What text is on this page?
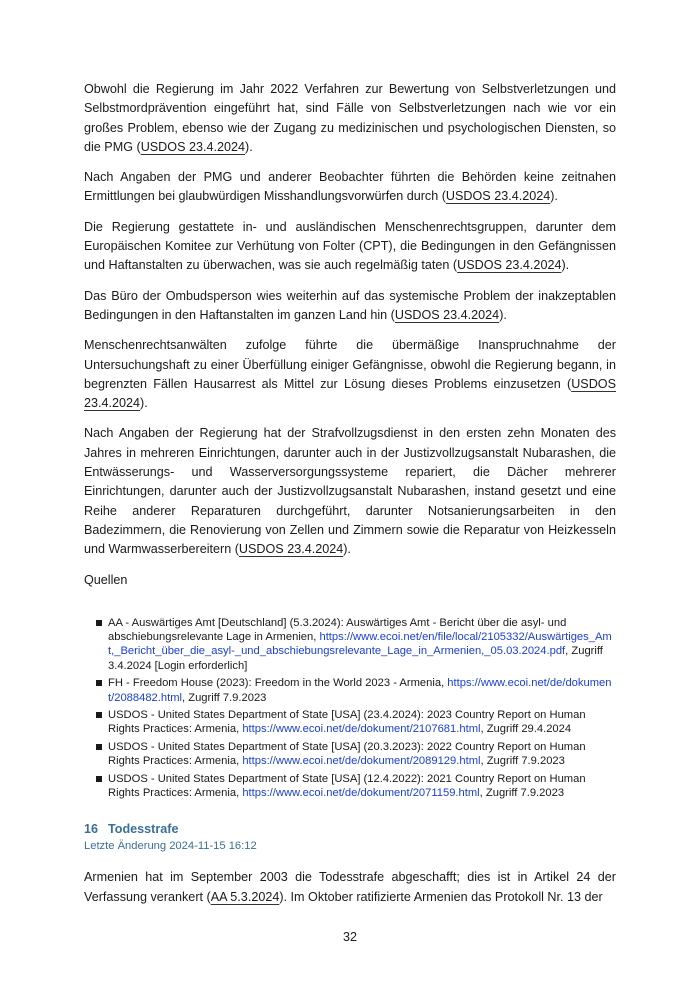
Obwohl die Regierung im Jahr 2022 Verfahren zur Bewertung von Selbstverletzungen und Selbstmordprävention eingeführt hat, sind Fälle von Selbstverletzungen nach wie vor ein großes Problem, ebenso wie der Zugang zu medizinischen und psychologischen Diensten, so die PMG (USDOS 23.4.2024).

Nach Angaben der PMG und anderer Beobachter führten die Behörden keine zeitnahen Ermittlungen bei glaubwürdigen Misshandlungsvorwürfen durch (USDOS 23.4.2024).

Die Regierung gestattete in- und ausländischen Menschenrechtsgruppen, darunter dem Europäischen Komitee zur Verhütung von Folter (CPT), die Bedingungen in den Gefängnissen und Haftanstalten zu überwachen, was sie auch regelmäßig taten (USDOS 23.4.2024).

Das Büro der Ombudsperson wies weiterhin auf das systemische Problem der inakzeptablen Bedingungen in den Haftanstalten im ganzen Land hin (USDOS 23.4.2024).

Menschenrechtsanwälten zufolge führte die übermäßige Inanspruchnahme der Untersuchungshaft zu einer Überfüllung einiger Gefängnisse, obwohl die Regierung begann, in begrenzten Fällen Hausarrest als Mittel zur Lösung dieses Problems einzusetzen (USDOS 23.4.2024).

Nach Angaben der Regierung hat der Strafvollzugsdienst in den ersten zehn Monaten des Jahres in mehreren Einrichtungen, darunter auch in der Justizvollzugsanstalt Nubarashen, die Entwässerungs- und Wasserversorgungssysteme repariert, die Dächer mehrerer Einrichtungen, darunter auch der Justizvollzugsanstalt Nubarashen, instand gesetzt und eine Reihe anderer Reparaturen durchgeführt, darunter Notsanierungsarbeiten in den Badezimmern, die Renovierung von Zellen und Zimmern sowie die Reparatur von Heizkesseln und Warmwasserbereitern (USDOS 23.4.2024).

Quellen
AA - Auswärtiges Amt [Deutschland] (5.3.2024): Auswärtiges Amt - Bericht über die asyl- und abschiebungsrelevante Lage in Armenien, https://www.ecoi.net/en/file/local/2105332/Auswärtiges_Amt,_Bericht_über_die_asyl-_und_abschiebungsrelevante_Lage_in_Armenien,_05.03.2024.pdf, Zugriff 3.4.2024 [Login erforderlich]
FH - Freedom House (2023): Freedom in the World 2023 - Armenia, https://www.ecoi.net/de/dokument/2088482.html, Zugriff 7.9.2023
USDOS - United States Department of State [USA] (23.4.2024): 2023 Country Report on Human Rights Practices: Armenia, https://www.ecoi.net/de/dokument/2107681.html, Zugriff 29.4.2024
USDOS - United States Department of State [USA] (20.3.2023): 2022 Country Report on Human Rights Practices: Armenia, https://www.ecoi.net/de/dokument/2089129.html, Zugriff 7.9.2023
USDOS - United States Department of State [USA] (12.4.2022): 2021 Country Report on Human Rights Practices: Armenia, https://www.ecoi.net/de/dokument/2071159.html, Zugriff 7.9.2023
16 Todesstrafe
Letzte Änderung 2024-11-15 16:12

Armenien hat im September 2003 die Todesstrafe abgeschafft; dies ist in Artikel 24 der Verfassung verankert (AA 5.3.2024). Im Oktober ratifizierte Armenien das Protokoll Nr. 13 der

32
